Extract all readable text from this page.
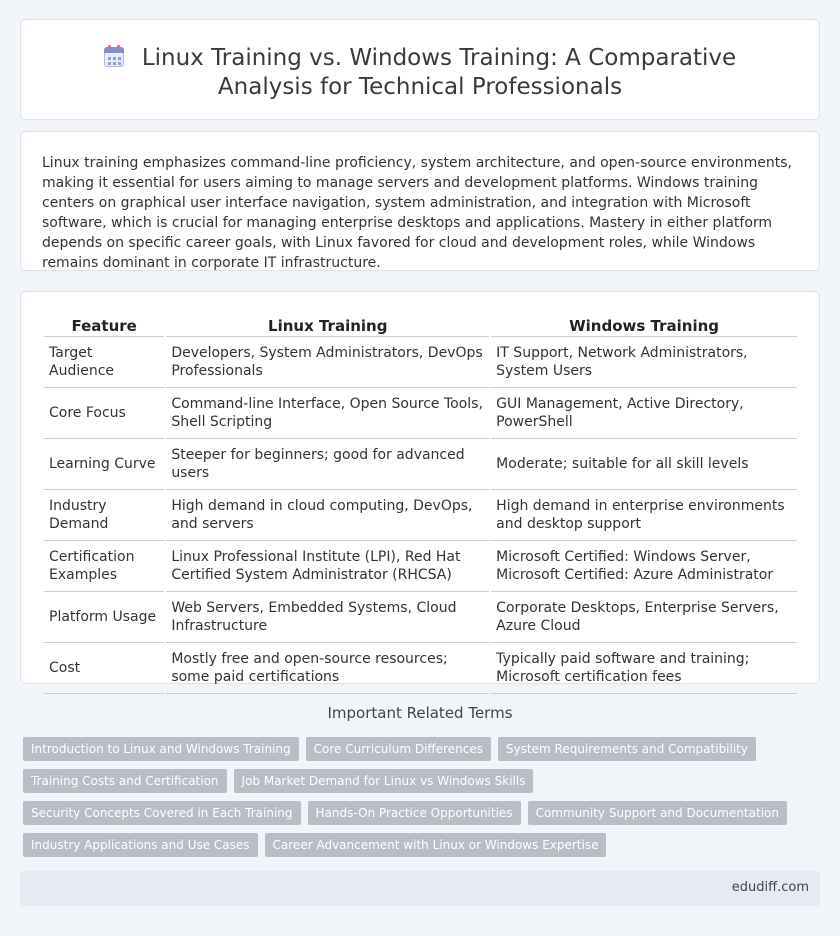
Linux Training vs. Windows Training: A Comparative Analysis for Technical Professionals

Linux training emphasizes command-line proficiency, system architecture, and open-source environments, making it essential for users aiming to manage servers and development platforms. Windows training centers on graphical user interface navigation, system administration, and integration with Microsoft software, which is crucial for managing enterprise desktops and applications. Mastery in either platform depends on specific career goals, with Linux favored for cloud and development roles, while Windows remains dominant in corporate IT infrastructure.

Feature	Linux Training	Windows Training
Target Audience	Developers, System Administrators, DevOps Professionals	IT Support, Network Administrators, System Users
Core Focus	Command-line Interface, Open Source Tools, Shell Scripting	GUI Management, Active Directory, PowerShell
Learning Curve	Steeper for beginners; good for advanced users	Moderate; suitable for all skill levels
Industry Demand	High demand in cloud computing, DevOps, and servers	High demand in enterprise environments and desktop support
Certification Examples	Linux Professional Institute (LPI), Red Hat Certified System Administrator (RHCSA)	Microsoft Certified: Windows Server, Microsoft Certified: Azure Administrator
Platform Usage	Web Servers, Embedded Systems, Cloud Infrastructure	Corporate Desktops, Enterprise Servers, Azure Cloud
Cost	Mostly free and open-source resources; some paid certifications	Typically paid software and training; Microsoft certification fees
Important Related Terms
Introduction to Linux and Windows Training	Core Curriculum Differences	System Requirements and Compatibility
Training Costs and Certification	Job Market Demand for Linux vs Windows Skills
Security Concepts Covered in Each Training	Hands-On Practice Opportunities	Community Support and Documentation
Industry Applications and Use Cases	Career Advancement with Linux or Windows Expertise
edudiff.com
